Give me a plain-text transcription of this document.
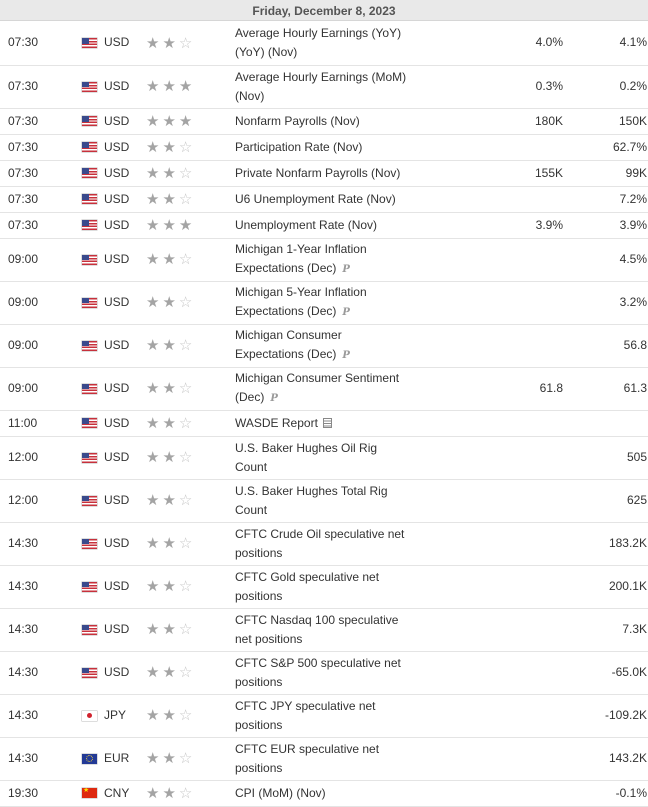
Friday, December 8, 2023
07:30		USD	★ ★ ☆	Average Hourly Earnings (YoY)
(YoY) (Nov)	4.0%		4.1%	
07:30		USD	★ ★ ★	Average Hourly Earnings (MoM)
(Nov)	0.3%		0.2%	
07:30		USD	★ ★ ★	Nonfarm Payrolls (Nov)	180K		150K	
07:30		USD	★ ★ ☆	Participation Rate (Nov)			62.7%	
07:30		USD	★ ★ ☆	Private Nonfarm Payrolls (Nov)	155K		99K	
07:30		USD	★ ★ ☆	U6 Unemployment Rate (Nov)			7.2%	
07:30		USD	★ ★ ★	Unemployment Rate (Nov)	3.9%		3.9%	
09:00		USD	★ ★ ☆	Michigan 1-Year Inflation
Expectations (Dec) P			4.5%	
09:00		USD	★ ★ ☆	Michigan 5-Year Inflation
Expectations (Dec) P			3.2%	
09:00		USD	★ ★ ☆	Michigan Consumer
Expectations (Dec) P			56.8	
09:00		USD	★ ★ ☆	Michigan Consumer Sentiment
(Dec) P	61.8		61.3	
11:00		USD	★ ★ ☆	WASDE Report				
12:00		USD	★ ★ ☆	U.S. Baker Hughes Oil Rig
Count			505	
12:00		USD	★ ★ ☆	U.S. Baker Hughes Total Rig
Count			625	
14:30		USD	★ ★ ☆	CFTC Crude Oil speculative net
positions			183.2K	
14:30		USD	★ ★ ☆	CFTC Gold speculative net
positions			200.1K	
14:30		USD	★ ★ ☆	CFTC Nasdaq 100 speculative
net positions			7.3K	
14:30		USD	★ ★ ☆	CFTC S&P 500 speculative net
positions			-65.0K	
14:30		JPY	★ ★ ☆	CFTC JPY speculative net
positions			-109.2K	
14:30		EUR	★ ★ ☆	CFTC EUR speculative net
positions			143.2K	
19:30	★	CNY	★ ★ ☆	CPI (MoM) (Nov)			-0.1%	
